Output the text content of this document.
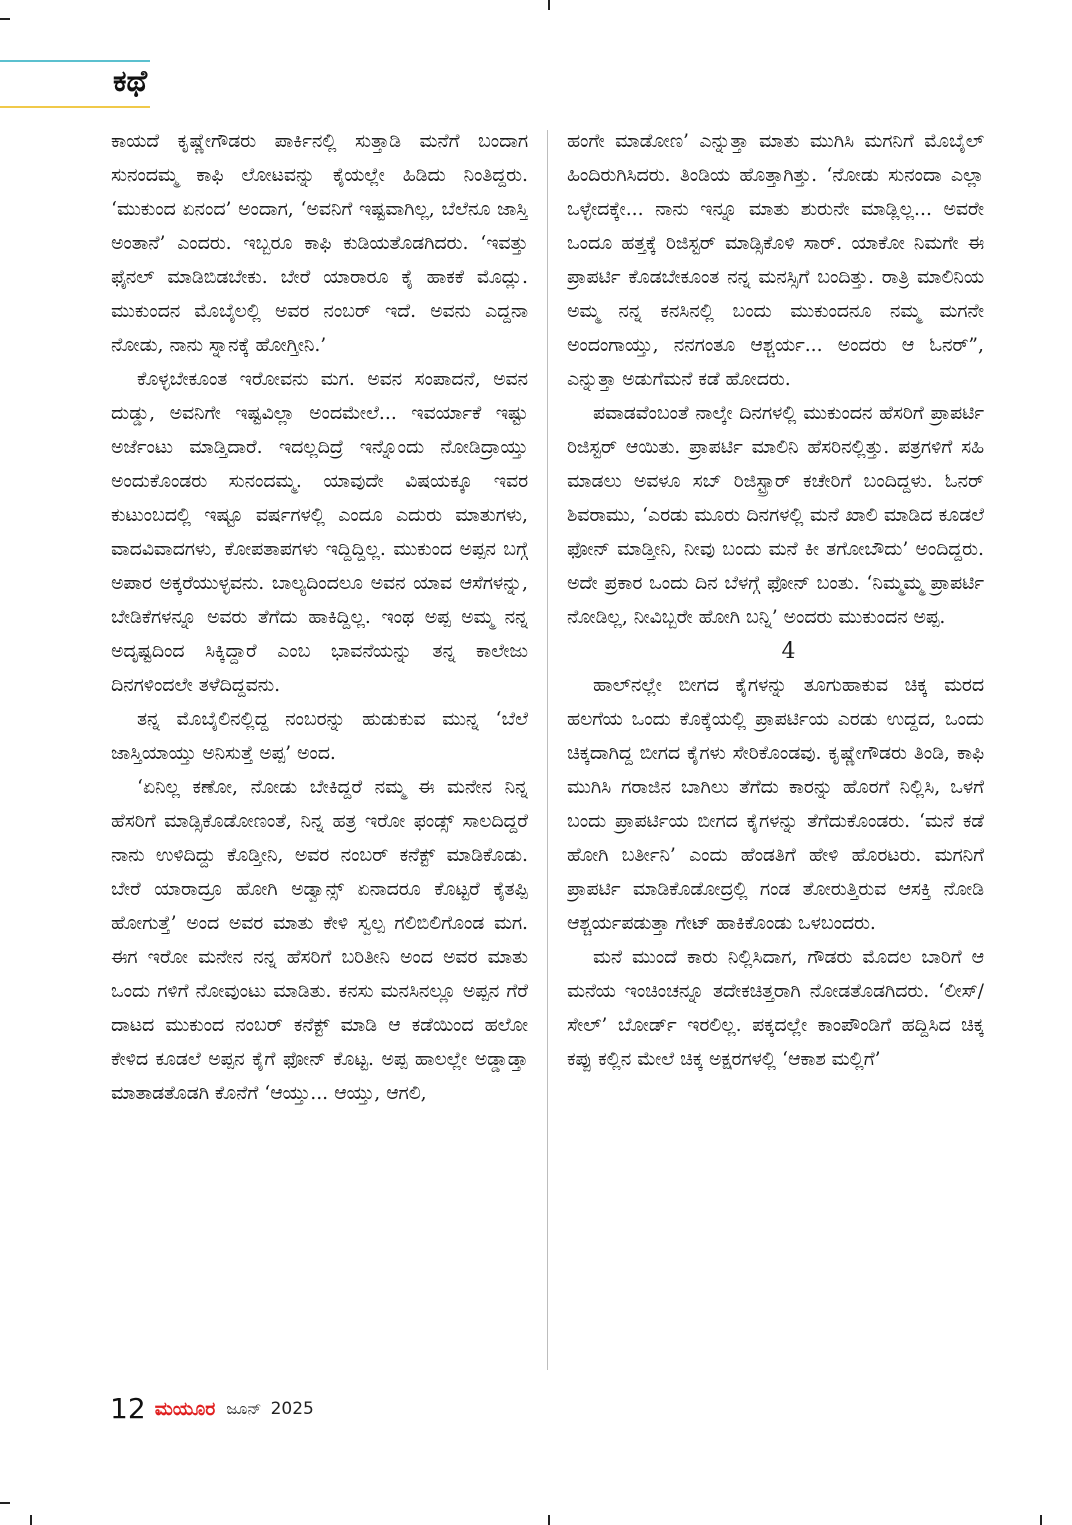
ಕಥೆ

ಕಾಯದೆ ಕೃಷ್ಣೇಗೌಡರು ಪಾರ್ಕಿನಲ್ಲಿ ಸುತ್ತಾಡಿ ಮನೆಗೆ ಬಂದಾಗ ಸುನಂದಮ್ಮ ಕಾಫಿ ಲೋಟವನ್ನು ಕೈಯಲ್ಲೇ ಹಿಡಿದು ನಿಂತಿದ್ದರು. ‘ಮುಕುಂದ ಏನಂದ’ ಅಂದಾಗ, ‘ಅವನಿಗೆ ಇಷ್ಟವಾಗಿಲ್ಲ, ಬೆಲೆನೂ ಜಾಸ್ತಿ ಅಂತಾನೆ’ ಎಂದರು. ಇಬ್ಬರೂ ಕಾಫಿ ಕುಡಿಯತೊಡಗಿದರು. ‘ಇವತ್ತು ಫೈನಲ್ ಮಾಡಿಬಿಡಬೇಕು. ಬೇರೆ ಯಾರಾರೂ ಕೈ ಹಾಕಕೆ ಮೊದ್ಲು. ಮುಕುಂದನ ಮೊಬೈಲಲ್ಲಿ ಅವರ ನಂಬರ್ ಇದೆ. ಅವನು ಎದ್ದನಾ ನೋಡು, ನಾನು ಸ್ನಾನಕ್ಕೆ ಹೋಗ್ತೀನಿ.’

ಕೊಳ್ಳಬೇಕೂಂತ ಇರೋವನು ಮಗ. ಅವನ ಸಂಪಾದನೆ, ಅವನ ದುಡ್ಡು, ಅವನಿಗೇ ಇಷ್ಟವಿಲ್ಲಾ ಅಂದಮೇಲೆ... ಇವರ್ಯಾಕೆ ಇಷ್ಟು ಅರ್ಜೆಂಟು ಮಾಡ್ತಿದಾರೆ. ಇದಲ್ಲದಿದ್ರೆ ಇನ್ನೊಂದು ನೋಡಿದ್ರಾಯ್ತು ಅಂದುಕೊಂಡರು ಸುನಂದಮ್ಮ. ಯಾವುದೇ ವಿಷಯಕ್ಕೂ ಇವರ ಕುಟುಂಬದಲ್ಲಿ ಇಷ್ಟೂ ವರ್ಷಗಳಲ್ಲಿ ಎಂದೂ ಎದುರು ಮಾತುಗಳು, ವಾದವಿವಾದಗಳು, ಕೋಪತಾಪಗಳು ಇದ್ದಿದ್ದಿಲ್ಲ. ಮುಕುಂದ ಅಪ್ಪನ ಬಗ್ಗೆ ಅಪಾರ ಅಕ್ಕರೆಯುಳ್ಳವನು. ಬಾಲ್ಯದಿಂದಲೂ ಅವನ ಯಾವ ಆಸೆಗಳನ್ನು, ಬೇಡಿಕೆಗಳನ್ನೂ ಅವರು ತೆಗೆದು ಹಾಕಿದ್ದಿಲ್ಲ. ಇಂಥ ಅಪ್ಪ ಅಮ್ಮ ನನ್ನ ಅದೃಷ್ಟದಿಂದ ಸಿಕ್ಕಿದ್ದಾರೆ ಎಂಬ ಭಾವನೆಯನ್ನು ತನ್ನ ಕಾಲೇಜು ದಿನಗಳಿಂದಲೇ ತಳೆದಿದ್ದವನು.

ತನ್ನ ಮೊಬೈಲಿನಲ್ಲಿದ್ದ ನಂಬರನ್ನು ಹುಡುಕುವ ಮುನ್ನ ‘ಬೆಲೆ ಜಾಸ್ತಿಯಾಯ್ತು ಅನಿಸುತ್ತೆ ಅಪ್ಪ’ ಅಂದ.

‘ಏನಿಲ್ಲ ಕಣೋ, ನೋಡು ಬೇಕಿದ್ದರೆ ನಮ್ಮ ಈ ಮನೇನ ನಿನ್ನ ಹೆಸರಿಗೆ ಮಾಡ್ಸಿಕೊಡೋಣಂತೆ, ನಿನ್ನ ಹತ್ರ ಇರೋ ಫಂಡ್ಸ್ ಸಾಲದಿದ್ದರೆ ನಾನು ಉಳಿದಿದ್ದು ಕೊಡ್ತೀನಿ, ಅವರ ನಂಬರ್ ಕನೆಕ್ಟ್ ಮಾಡಿಕೊಡು. ಬೇರೆ ಯಾರಾದ್ರೂ ಹೋಗಿ ಅಡ್ವಾನ್ಸ್ ಏನಾದರೂ ಕೊಟ್ಟರೆ ಕೈತಪ್ಪಿ ಹೋಗುತ್ತೆ’ ಅಂದ ಅವರ ಮಾತು ಕೇಳಿ ಸ್ವಲ್ಪ ಗಲಿಬಿಲಿಗೊಂಡ ಮಗ. ಈಗ ಇರೋ ಮನೇನ ನನ್ನ ಹೆಸರಿಗೆ ಬರಿತೀನಿ ಅಂದ ಅವರ ಮಾತು ಒಂದು ಗಳಿಗೆ ನೋವುಂಟು ಮಾಡಿತು. ಕನಸು ಮನಸಿನಲ್ಲೂ ಅಪ್ಪನ ಗೆರೆ ದಾಟದ ಮುಕುಂದ ನಂಬರ್ ಕನೆಕ್ಟ್ ಮಾಡಿ ಆ ಕಡೆಯಿಂದ ಹಲೋ ಕೇಳಿದ ಕೂಡಲೆ ಅಪ್ಪನ ಕೈಗೆ ಫೋನ್ ಕೊಟ್ಟ. ಅಪ್ಪ ಹಾಲಲ್ಲೇ ಅಡ್ಡಾಡ್ತಾ ಮಾತಾಡತೊಡಗಿ ಕೊನೆಗೆ ‘ಆಯ್ತು... ಆಯ್ತು, ಆಗಲಿ,

ಹಂಗೇ ಮಾಡೋಣ’ ಎನ್ನುತ್ತಾ ಮಾತು ಮುಗಿಸಿ ಮಗನಿಗೆ ಮೊಬೈಲ್ ಹಿಂದಿರುಗಿಸಿದರು. ತಿಂಡಿಯ ಹೊತ್ತಾಗಿತ್ತು. ‘ನೋಡು ಸುನಂದಾ ಎಲ್ಲಾ ಒಳ್ಳೇದಕ್ಕೇ... ನಾನು ಇನ್ನೂ ಮಾತು ಶುರುನೇ ಮಾಡ್ಲಿಲ್ಲ... ಅವರೇ ಒಂದೂ ಹತ್ತಕ್ಕೆ ರಿಜಿಸ್ಟರ್ ಮಾಡ್ಸಿಕೊಳಿ ಸಾರ್. ಯಾಕೋ ನಿಮಗೇ ಈ ಪ್ರಾಪರ್ಟಿ ಕೊಡಬೇಕೂಂತ ನನ್ನ ಮನಸ್ಸಿಗೆ ಬಂದಿತ್ತು. ರಾತ್ರಿ ಮಾಲಿನಿಯ ಅಮ್ಮ ನನ್ನ ಕನಸಿನಲ್ಲಿ ಬಂದು ಮುಕುಂದನೂ ನಮ್ಮ ಮಗನೇ ಅಂದಂಗಾಯ್ತು, ನನಗಂತೂ ಆಶ್ಚರ್ಯ... ಅಂದರು ಆ ಓನರ್”, ಎನ್ನುತ್ತಾ ಅಡುಗೆಮನೆ ಕಡೆ ಹೋದರು.

ಪವಾಡವೆಂಬಂತೆ ನಾಲ್ಕೇ ದಿನಗಳಲ್ಲಿ ಮುಕುಂದನ ಹೆಸರಿಗೆ ಪ್ರಾಪರ್ಟಿ ರಿಜಿಸ್ಟರ್ ಆಯಿತು. ಪ್ರಾಪರ್ಟಿ ಮಾಲಿನಿ ಹೆಸರಿನಲ್ಲಿತ್ತು. ಪತ್ರಗಳಿಗೆ ಸಹಿ ಮಾಡಲು ಅವಳೂ ಸಬ್ ರಿಜಿಸ್ಟ್ರಾರ್ ಕಚೇರಿಗೆ ಬಂದಿದ್ದಳು. ಓನರ್ ಶಿವರಾಮು, ‘ಎರಡು ಮೂರು ದಿನಗಳಲ್ಲಿ ಮನೆ ಖಾಲಿ ಮಾಡಿದ ಕೂಡಲೆ ಫೋನ್ ಮಾಡ್ತೀನಿ, ನೀವು ಬಂದು ಮನೆ ಕೀ ತಗೋಬೌದು’ ಅಂದಿದ್ದರು. ಅದೇ ಪ್ರಕಾರ ಒಂದು ದಿನ ಬೆಳಗ್ಗೆ ಫೋನ್ ಬಂತು. ‘ನಿಮ್ಮಮ್ಮ ಪ್ರಾಪರ್ಟಿ ನೋಡಿಲ್ಲ, ನೀವಿಬ್ಬರೇ ಹೋಗಿ ಬನ್ನಿ’ ಅಂದರು ಮುಕುಂದನ ಅಪ್ಪ.

4

ಹಾಲ್‌ನಲ್ಲೇ ಬೀಗದ ಕೈಗಳನ್ನು ತೂಗುಹಾಕುವ ಚಿಕ್ಕ ಮರದ ಹಲಗೆಯ ಒಂದು ಕೊಕ್ಕೆಯಲ್ಲಿ ಪ್ರಾಪರ್ಟಿಯ ಎರಡು ಉದ್ದದ, ಒಂದು ಚಿಕ್ಕದಾಗಿದ್ದ ಬೀಗದ ಕೈಗಳು ಸೇರಿಕೊಂಡವು. ಕೃಷ್ಣೇಗೌಡರು ತಿಂಡಿ, ಕಾಫಿ ಮುಗಿಸಿ ಗರಾಜಿನ ಬಾಗಿಲು ತೆಗೆದು ಕಾರನ್ನು ಹೊರಗೆ ನಿಲ್ಲಿಸಿ, ಒಳಗೆ ಬಂದು ಪ್ರಾಪರ್ಟಿಯ ಬೀಗದ ಕೈಗಳನ್ನು ತೆಗೆದುಕೊಂಡರು. ‘ಮನೆ ಕಡೆ ಹೋಗಿ ಬರ್ತೀನಿ’ ಎಂದು ಹೆಂಡತಿಗೆ ಹೇಳಿ ಹೊರಟರು. ಮಗನಿಗೆ ಪ್ರಾಪರ್ಟಿ ಮಾಡಿಕೊಡೋದ್ರಲ್ಲಿ ಗಂಡ ತೋರುತ್ತಿರುವ ಆಸಕ್ತಿ ನೋಡಿ ಆಶ್ಚರ್ಯಪಡುತ್ತಾ ಗೇಟ್ ಹಾಕಿಕೊಂಡು ಒಳಬಂದರು.

ಮನೆ ಮುಂದೆ ಕಾರು ನಿಲ್ಲಿಸಿದಾಗ, ಗೌಡರು ಮೊದಲ ಬಾರಿಗೆ ಆ ಮನೆಯ ಇಂಚಿಂಚನ್ನೂ ತದೇಕಚಿತ್ತರಾಗಿ ನೋಡತೊಡಗಿದರು. ‘ಲೀಸ್/ಸೇಲ್’ ಬೋರ್ಡ್ ಇರಲಿಲ್ಲ. ಪಕ್ಕದಲ್ಲೇ ಕಾಂಪೌಂಡಿಗೆ ಹದ್ದಿಸಿದ ಚಿಕ್ಕ ಕಪ್ಪು ಕಲ್ಲಿನ ಮೇಲೆ ಚಿಕ್ಕ ಅಕ್ಷರಗಳಲ್ಲಿ ‘ಆಕಾಶ ಮಲ್ಲಿಗೆ’

12 ಮಯೂರ ಜೂನ್ 2025
